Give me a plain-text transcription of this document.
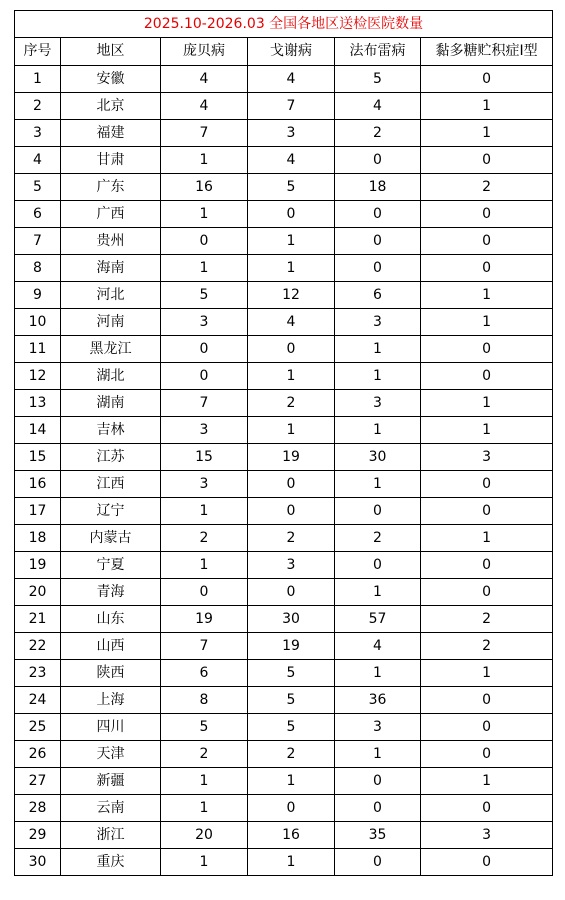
2025.10-2026.03 全国各地区送检医院数量					
序号	地区	庞贝病	戈谢病	法布雷病	黏多糖贮积症Ⅰ型
1	安徽	4	4	5	0
2	北京	4	7	4	1
3	福建	7	3	2	1
4	甘肃	1	4	0	0
5	广东	16	5	18	2
6	广西	1	0	0	0
7	贵州	0	1	0	0
8	海南	1	1	0	0
9	河北	5	12	6	1
10	河南	3	4	3	1
11	黑龙江	0	0	1	0
12	湖北	0	1	1	0
13	湖南	7	2	3	1
14	吉林	3	1	1	1
15	江苏	15	19	30	3
16	江西	3	0	1	0
17	辽宁	1	0	0	0
18	内蒙古	2	2	2	1
19	宁夏	1	3	0	0
20	青海	0	0	1	0
21	山东	19	30	57	2
22	山西	7	19	4	2
23	陕西	6	5	1	1
24	上海	8	5	36	0
25	四川	5	5	3	0
26	天津	2	2	1	0
27	新疆	1	1	0	1
28	云南	1	0	0	0
29	浙江	20	16	35	3
30	重庆	1	1	0	0
